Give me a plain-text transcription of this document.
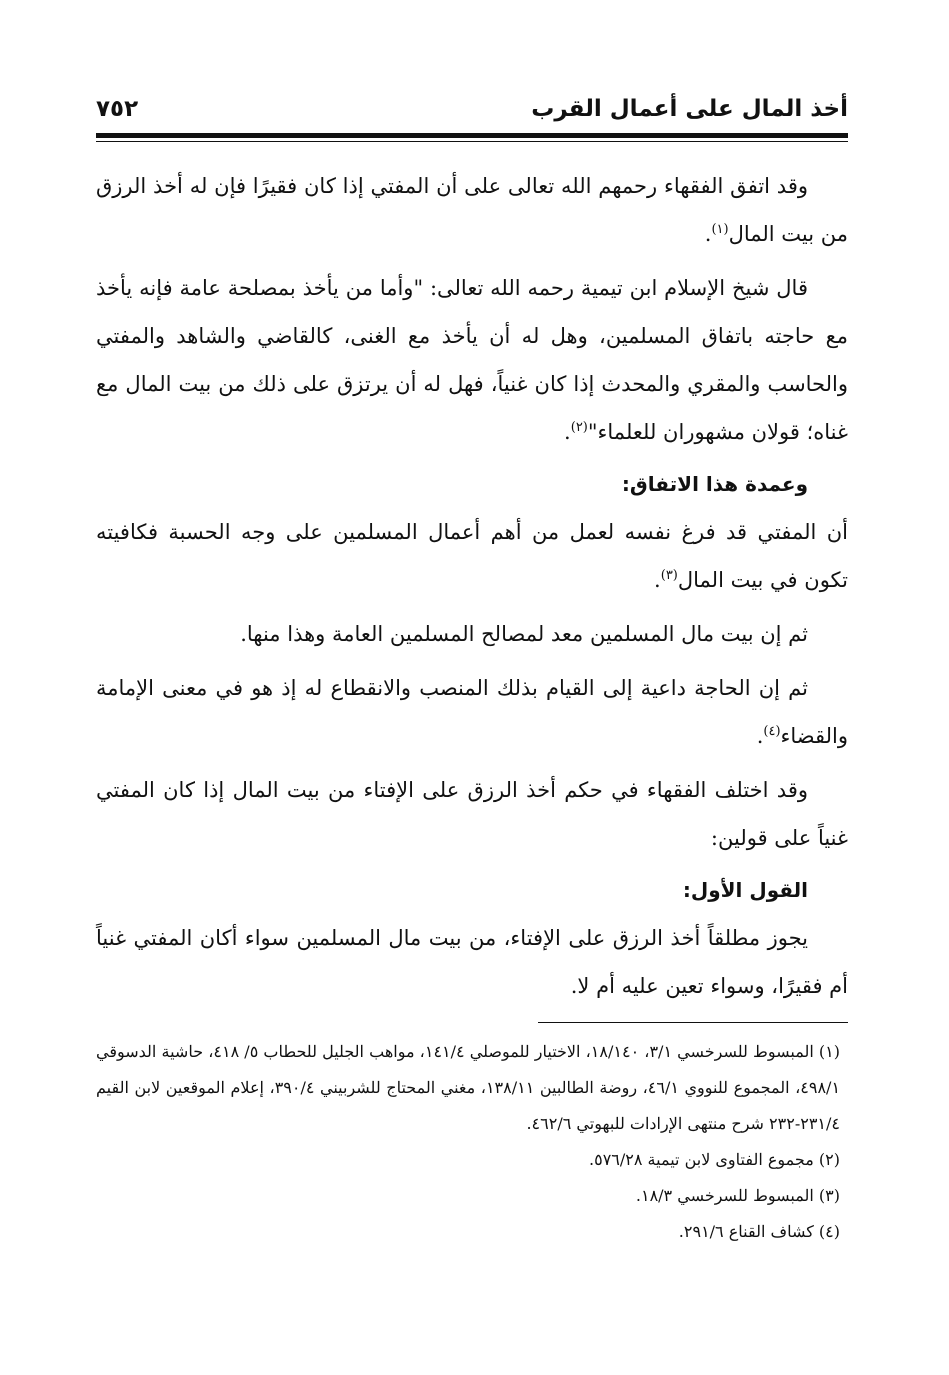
أخذ المال على أعمال القرب
٧٥٢

وقد اتفق الفقهاء رحمهم الله تعالى على أن المفتي إذا كان فقيرًا فإن له أخذ الرزق من بيت المال$^{(١)}$.

قال شيخ الإسلام ابن تيمية رحمه الله تعالى: "وأما من يأخذ بمصلحة عامة فإنه يأخذ مع حاجته باتفاق المسلمين، وهل له أن يأخذ مع الغنى، كالقاضي والشاهد والمفتي والحاسب والمقري والمحدث إذا كان غنياً، فهل له أن يرتزق على ذلك من بيت المال مع غناه؛ قولان مشهوران للعلماء"$^{(٢)}$.

وعمدة هذا الاتفاق:

أن المفتي قد فرغ نفسه لعمل من أهم أعمال المسلمين على وجه الحسبة فكافيته تكون في بيت المال$^{(٣)}$.

ثم إن بيت مال المسلمين معد لمصالح المسلمين العامة وهذا منها.

ثم إن الحاجة داعية إلى القيام بذلك المنصب والانقطاع له إذ هو في معنى الإمامة والقضاء$^{(٤)}$.

وقد اختلف الفقهاء في حكم أخذ الرزق على الإفتاء من بيت المال إذا كان المفتي غنياً على قولين:

القول الأول:

يجوز مطلقاً أخذ الرزق على الإفتاء، من بيت مال المسلمين سواء أكان المفتي غنياً أم فقيرًا، وسواء تعين عليه أم لا.

(١) المبسوط للسرخسي ٣/١، ١٨/١٤٠، الاختيار للموصلي ١٤١/٤، مواهب الجليل للحطاب ٥/ ٤١٨، حاشية الدسوقي ٤٩٨/١، المجموع للنووي ٤٦/١، روضة الطالبين ١٣٨/١١، مغني المحتاج للشربيني ٣٩٠/٤، إعلام الموقعين لابن القيم ٢٣١/٤-٢٣٢ شرح منتهى الإرادات للبهوتي ٤٦٢/٦.
(٢) مجموع الفتاوى لابن تيمية ٥٧٦/٢٨.
(٣) المبسوط للسرخسي ١٨/٣.
(٤) كشاف القناع ٢٩١/٦.
